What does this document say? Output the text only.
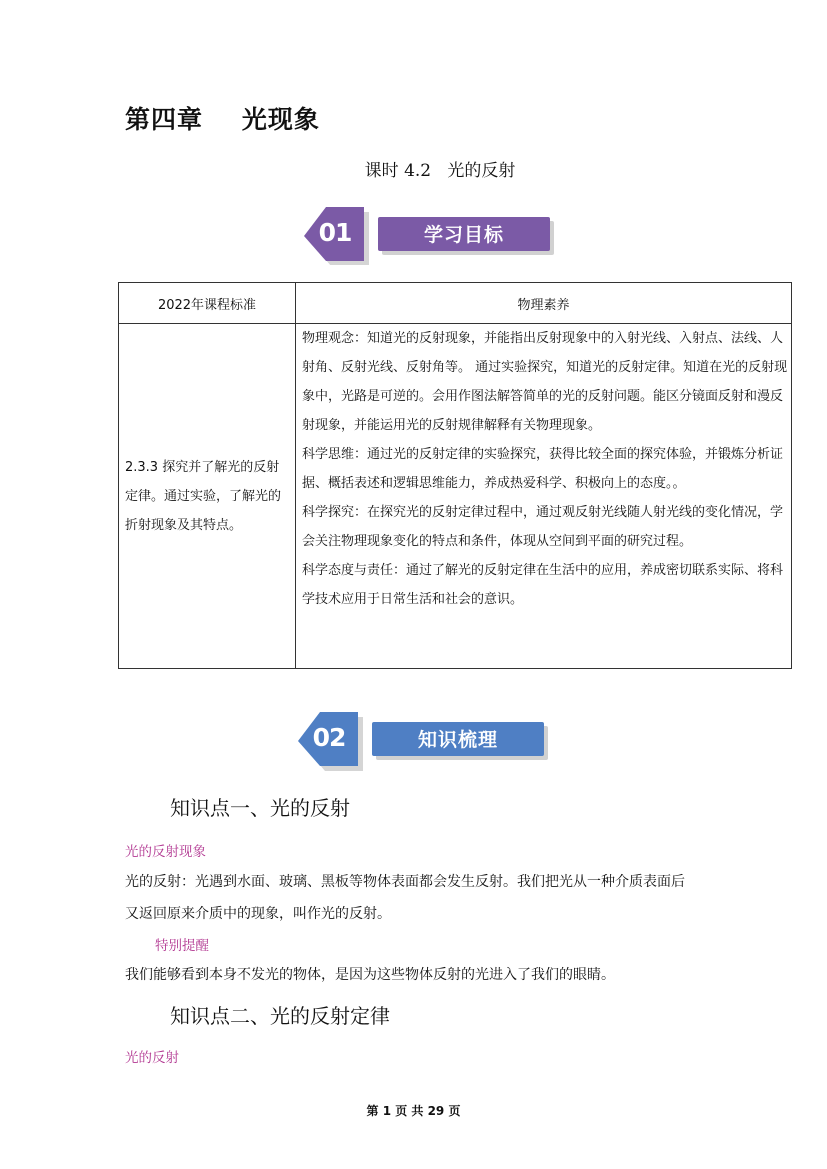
第四章    光现象
课时 4.2   光的反射
01	学习目标
2022年课程标准	物理素养
2.3.3 探究并了解光的反射定律。通过实验，了解光的折射现象及其特点。	物理观念：知道光的反射现象，并能指出反射现象中的入射光线、入射点、法线、人射角、反射光线、反射角等。 通过实验探究，知道光的反射定律。知道在光的反射现象中，光路是可逆的。会用作图法解答简单的光的反射问题。能区分镜面反射和漫反射现象，并能运用光的反射规律解释有关物理现象。

科学思维：通过光的反射定律的实验探究，获得比较全面的探究体验，并锻炼分析证据、概括表述和逻辑思维能力，养成热爱科学、积极向上的态度。。

科学探究：在探究光的反射定律过程中，通过观反射光线随人射光线的变化情况，学会关注物理现象变化的特点和条件，体现从空间到平面的研究过程。

科学态度与责任：通过了解光的反射定律在生活中的应用，养成密切联系实际、将科学技术应用于日常生活和社会的意识。

02	知识梳理
知识点一、光的反射
光的反射现象
光的反射：光遇到水面、玻璃、黑板等物体表面都会发生反射。我们把光从一种介质表面后
又返回原来介质中的现象，叫作光的反射。
特别提醒
我们能够看到本身不发光的物体，是因为这些物体反射的光进入了我们的眼睛。
知识点二、光的反射定律
光的反射
第 1 页 共 29 页
